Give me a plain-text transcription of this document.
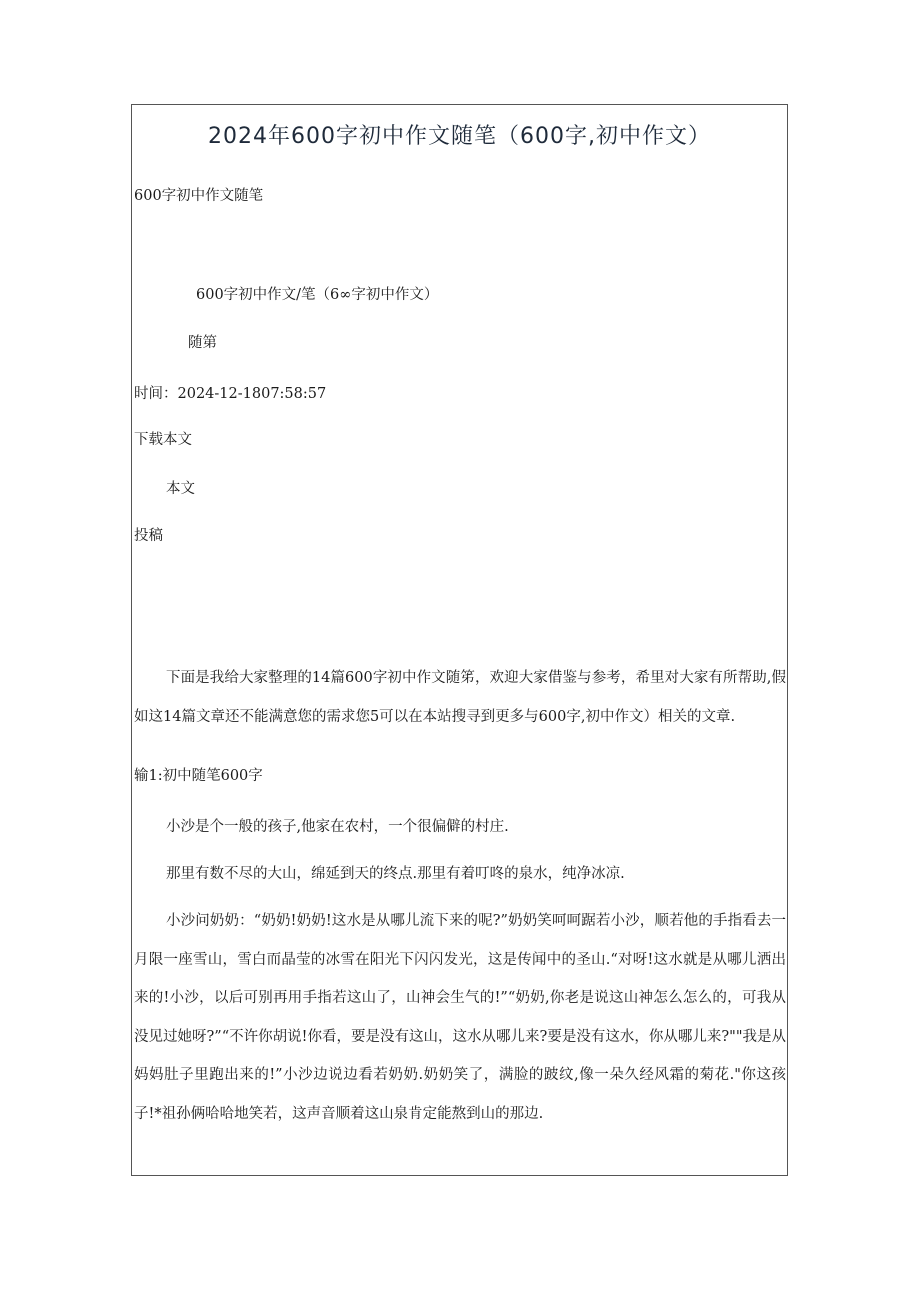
2024年600字初中作文随笔（600字,初中作文）
600字初中作文随笔
600字初中作文/笔（6∞字初中作文）
随第
时间：2024-12-1807:58:57
下载本文
本文
投稿

下面是我给大家整理的14篇600字初中作文随笫，欢迎大家借鉴与参考，希里对大家有所帮助,假如这14篇文章还不能满意您的需求您5可以在本站搜寻到更多与600字,初中作文）相关的文章.

输1:初中随笔600字

小沙是个一般的孩子,他家在农村，一个很偏僻的村庄.

那里有数不尽的大山，绵延到天的终点.那里有着叮咚的泉水，纯净冰凉.

小沙问奶奶：“奶奶!奶奶!这水是从哪儿流下来的呢?”奶奶笑呵呵踞若小沙，顺若他的手指看去一月限一座雪山，雪白而晶莹的冰雪在阳光下闪闪发光，这是传闻中的圣山.“对呀!这水就是从哪儿洒出来的!小沙，以后可别再用手指若这山了，山神会生气的!”“奶奶,你老是说这山神怎么怎么的，可我从没见过她呀?”“不许你胡说!你看，要是没有这山，这水从哪儿来?要是没有这水，你从哪儿来?""我是从妈妈肚子里跑出来的!”小沙边说边看若奶奶.奶奶笑了，满脸的跛纹,像一朵久经风霜的菊花."你这孩子!*祖孙俩哈哈地笑若，这声音顺着这山泉肯定能熬到山的那边.
